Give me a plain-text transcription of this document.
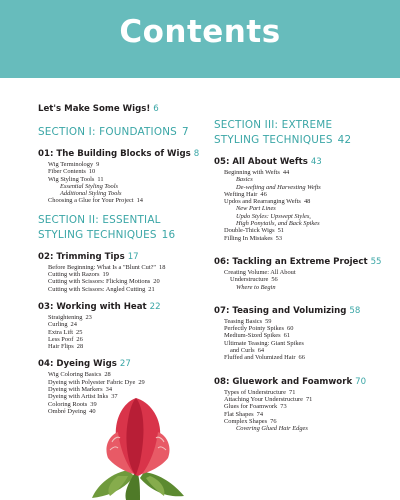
Contents
Let's Make Some Wigs! 6
SECTION I: FOUNDATIONS 7
01: The Building Blocks of Wigs 8
Wig Terminology 9
Fiber Contents 10
Wig Styling Tools 11
Essential Styling Tools
Additional Styling Tools
Choosing a Glue for Your Project 14
SECTION II: ESSENTIAL
STYLING TECHNIQUES 16
02: Trimming Tips 17
Before Beginning: What Is a "Blunt Cut?" 18
Cutting with Razors 19
Cutting with Scissors: Flicking Motions 20
Cutting with Scissors: Angled Cutting 21
03: Working with Heat 22
Straightening 23
Curling 24
Extra Lift 25
Less Poof 26
Hair Flips 28
04: Dyeing Wigs 27
Wig Coloring Basics 28
Dyeing with Polyester Fabric Dye 29
Dyeing with Markers 34
Dyeing with Artist Inks 37
Coloring Roots 39
Ombré Dyeing 40
SECTION III: EXTREME
STYLING TECHNIQUES 42
05: All About Wefts 43
Beginning with Wefts 44
Basics
De-wefting and Harvesting Wefts
Wefting Hair 46
Updos and Rearranging Wefts 48
New Part Lines
Updo Styles: Upswept Styles,
High Ponytails, and Back Spikes
Double-Thick Wigs 51
Filling In Mistakes 53
06: Tackling an Extreme Project 55
Creating Volume: All About
Understructure 56
Where to Begin
07: Teasing and Volumizing 58
Teasing Basics 59
Perfectly Pointy Spikes 60
Medium-Sized Spikes 61
Ultimate Teasing: Giant Spikes
and Curls 64
Fluffed and Volumized Hair 66
08: Gluework and Foamwork 70
Types of Understructure 71
Attaching Your Understructure 71
Glues for Foamwork 73
Flat Shapes 74
Complex Shapes 76
Covering Glued Hair Edges
